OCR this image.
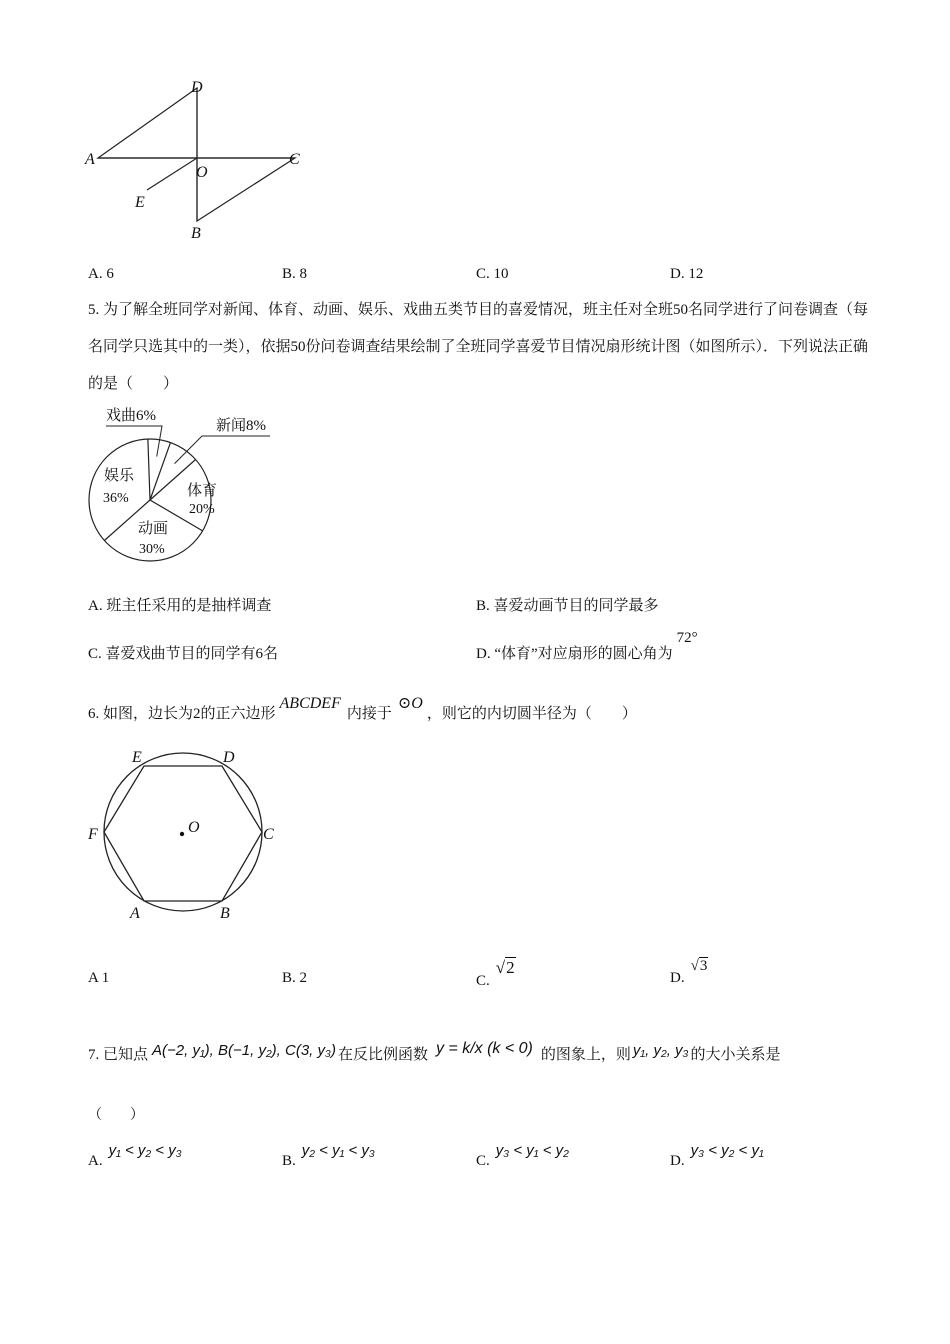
D
A
O
C
E
B
A. 6	B. 8	C. 10	D. 12
5. 为了解全班同学对新闻、体育、动画、娱乐、戏曲五类节目的喜爱情况，班主任对全班50名同学进行了问卷调查（每名同学只选其中的一类），依据50份问卷调查结果绘制了全班同学喜爱节目情况扇形统计图（如图所示）．下列说法正确的是（　　）
戏曲6%
新闻8%
体育
20%
动画
30%
娱乐
36%
A. 班主任采用的是抽样调查	B. 喜爱动画节目的同学最多
C. 喜爱戏曲节目的同学有6名	D. “体育”对应扇形的圆心角为72°
6. 如图，边长为2的正六边形ABCDEF内接于⊙O，则它的内切圆半径为（　　）
E	D
F	O	C
A	B
A 1	B. 2	C.√2
D.√3
7. 已知点 A(−2, y₁), B(−1, y₂), C(3, y₃) 在反比例函数 y = k/x (k < 0) 的图象上，则 y₁, y₂, y₃ 的大小关系是
（　　）
A.y₁ < y₂ < y₃
B.y₂ < y₁ < y₃
C.y₃ < y₁ < y₂
D.y₃ < y₂ < y₁
